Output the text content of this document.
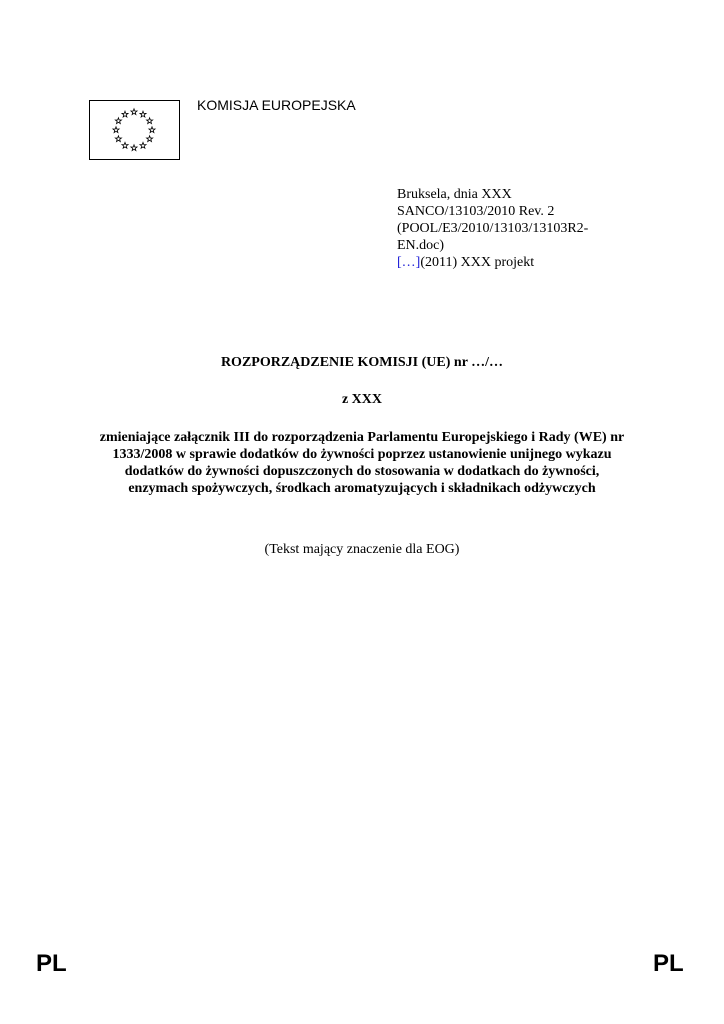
KOMISJA EUROPEJSKA
Bruksela, dnia XXX
SANCO/13103/2010 Rev. 2
(POOL/E3/2010/13103/13103R2-
EN.doc)
[…](2011) XXX projekt
ROZPORZĄDZENIE KOMISJI (UE) nr …/…
z XXX
zmieniające załącznik III do rozporządzenia Parlamentu Europejskiego i Rady (WE) nr
1333/2008 w sprawie dodatków do żywności poprzez ustanowienie unijnego wykazu
dodatków do żywności dopuszczonych do stosowania w dodatkach do żywności,
enzymach spożywczych, środkach aromatyzujących i składnikach odżywczych
(Tekst mający znaczenie dla EOG)
PL	PL
